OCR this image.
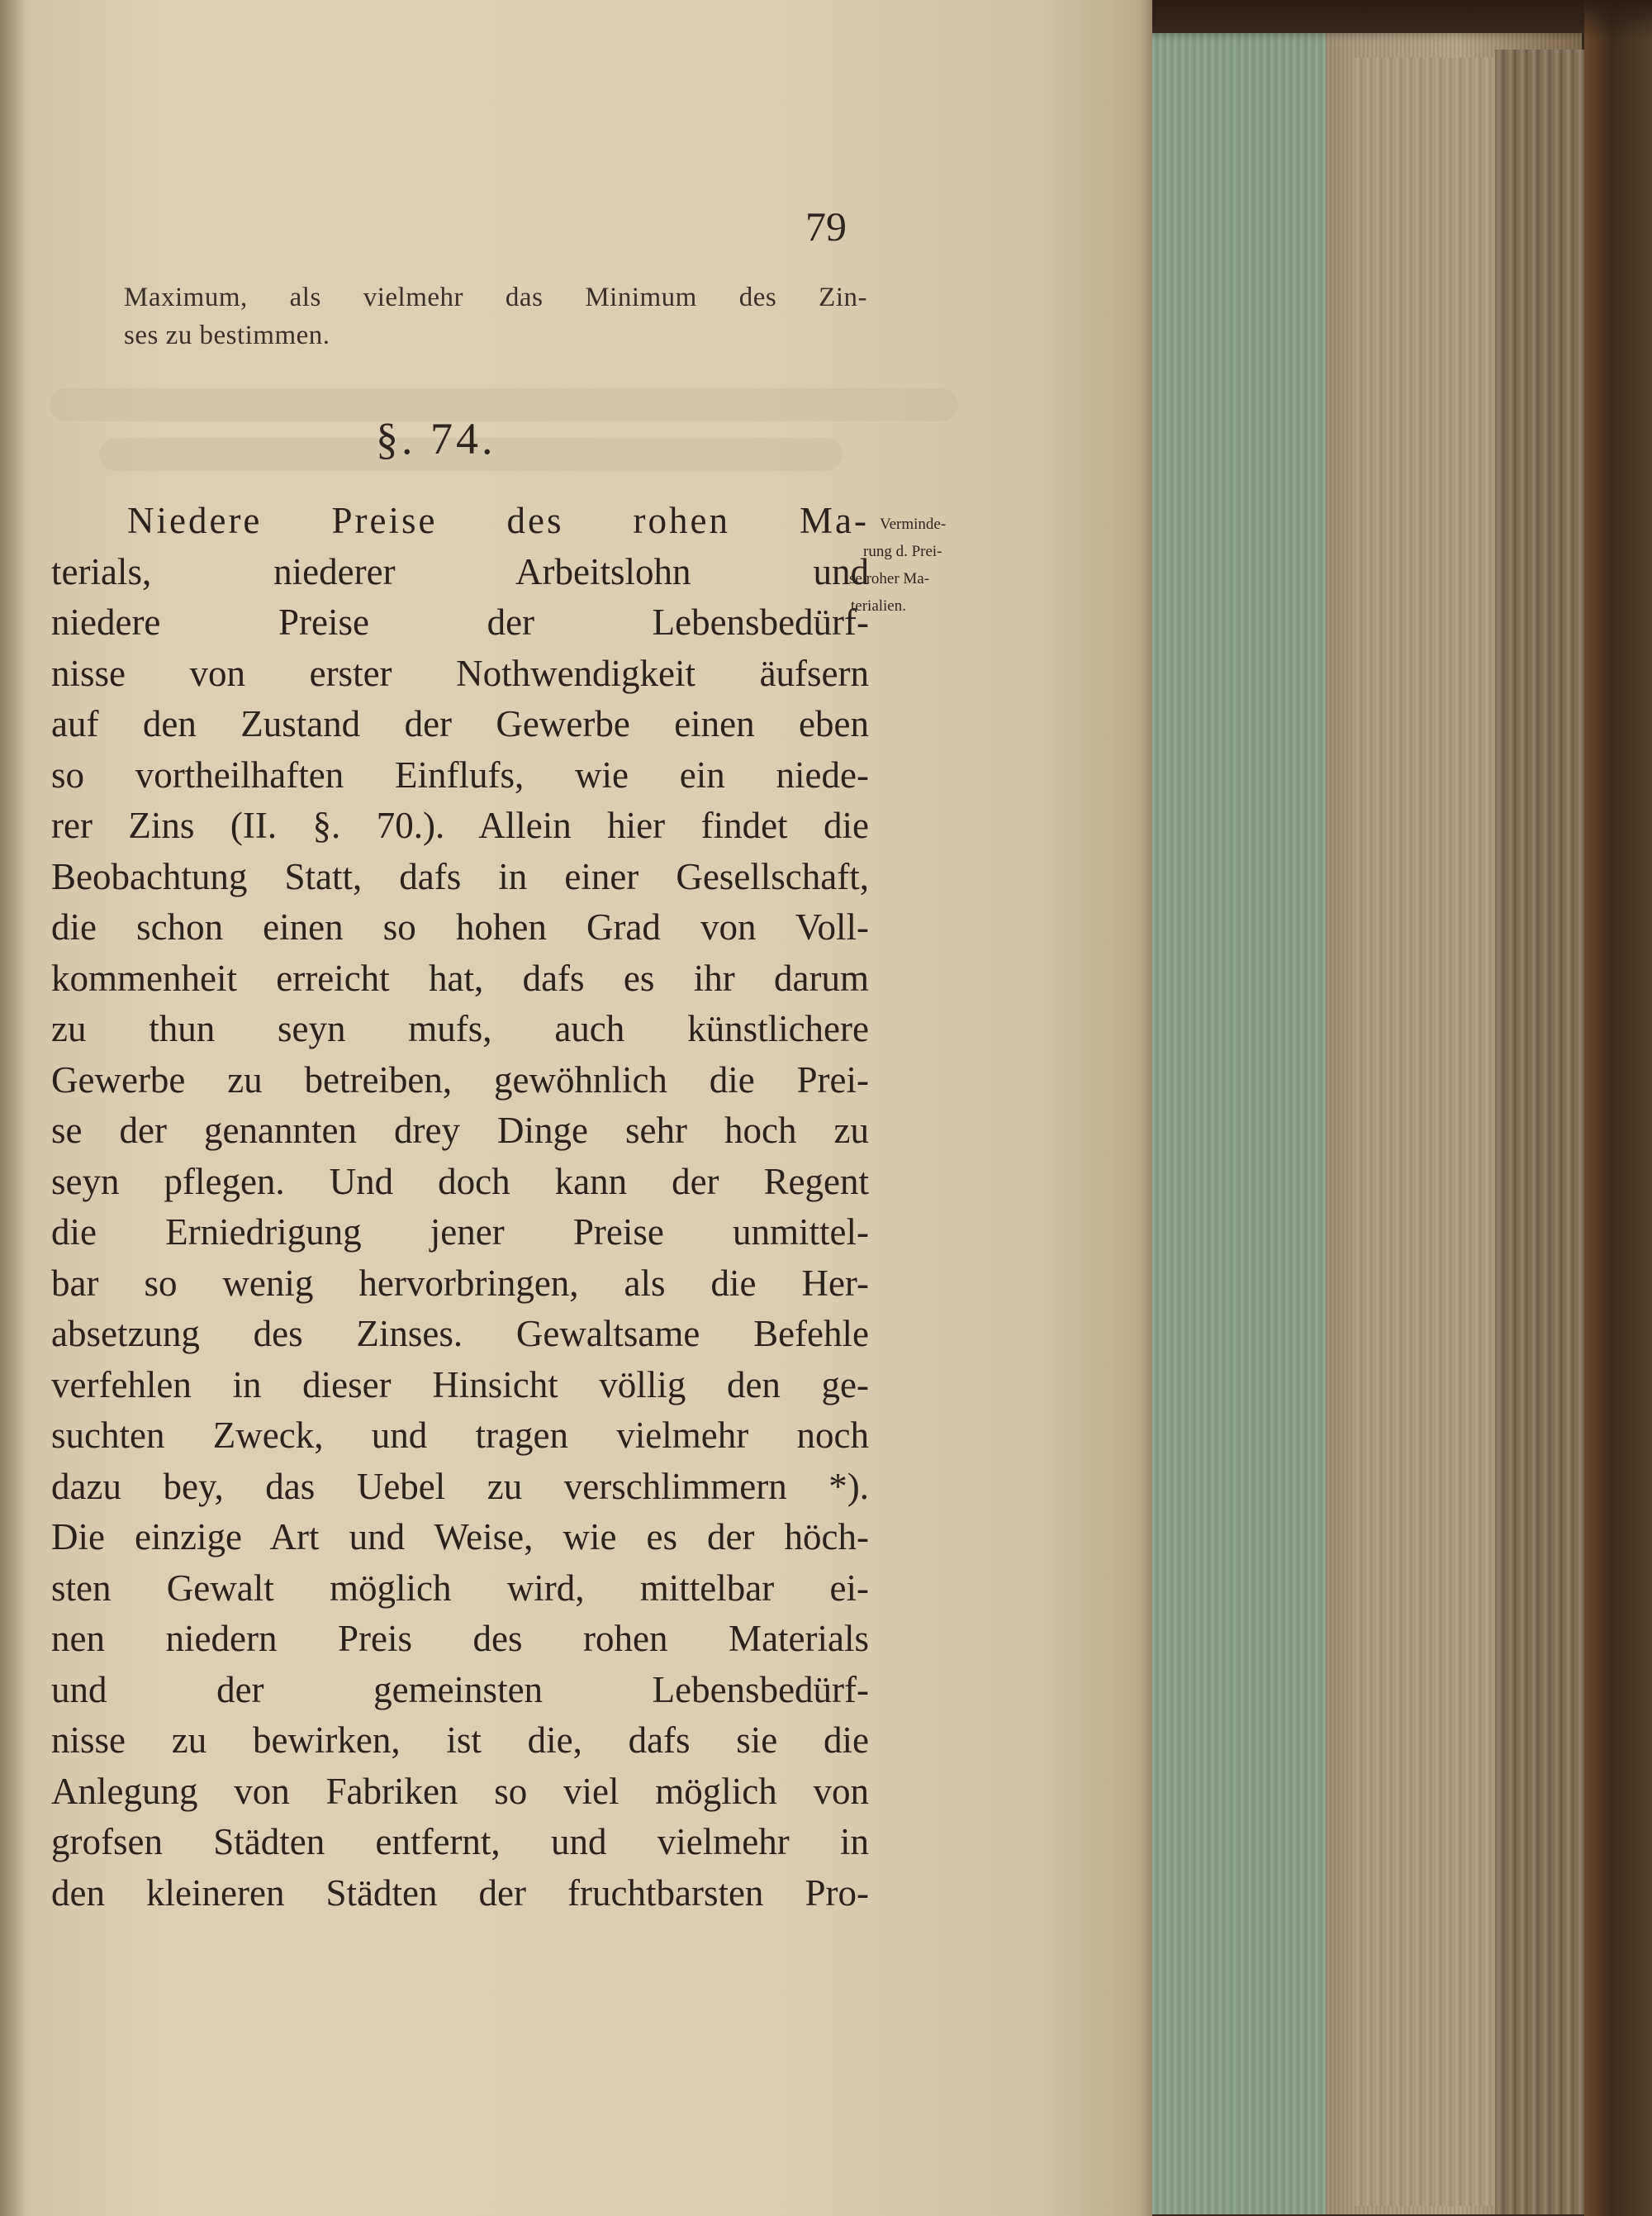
79
Maximum, als vielmehr das Minimum des Zin-
ses zu bestimmen.
§. 74.
Verminde-
rung d. Prei-
se roher Ma-
terialien.
Niedere Preise des rohen Ma-
terials, niederer Arbeitslohn und
niedere Preise der Lebensbedürf-
nisse von erster Nothwendigkeit äufsern
auf den Zustand der Gewerbe einen eben
so vortheilhaften Einflufs, wie ein niede-
rer Zins (II. §. 70.). Allein hier findet die
Beobachtung Statt, dafs in einer Gesellschaft,
die schon einen so hohen Grad von Voll-
kommenheit erreicht hat, dafs es ihr darum
zu thun seyn mufs, auch künstlichere
Gewerbe zu betreiben, gewöhnlich die Prei-
se der genannten drey Dinge sehr hoch zu
seyn pflegen. Und doch kann der Regent
die Erniedrigung jener Preise unmittel-
bar so wenig hervorbringen, als die Her-
absetzung des Zinses. Gewaltsame Befehle
verfehlen in dieser Hinsicht völlig den ge-
suchten Zweck, und tragen vielmehr noch
dazu bey, das Uebel zu verschlimmern *).
Die einzige Art und Weise, wie es der höch-
sten Gewalt möglich wird, mittelbar ei-
nen niedern Preis des rohen Materials
und der gemeinsten Lebensbedürf-
nisse zu bewirken, ist die, dafs sie die
Anlegung von Fabriken so viel möglich von
grofsen Städten entfernt, und vielmehr in
den kleineren Städten der fruchtbarsten Pro-
